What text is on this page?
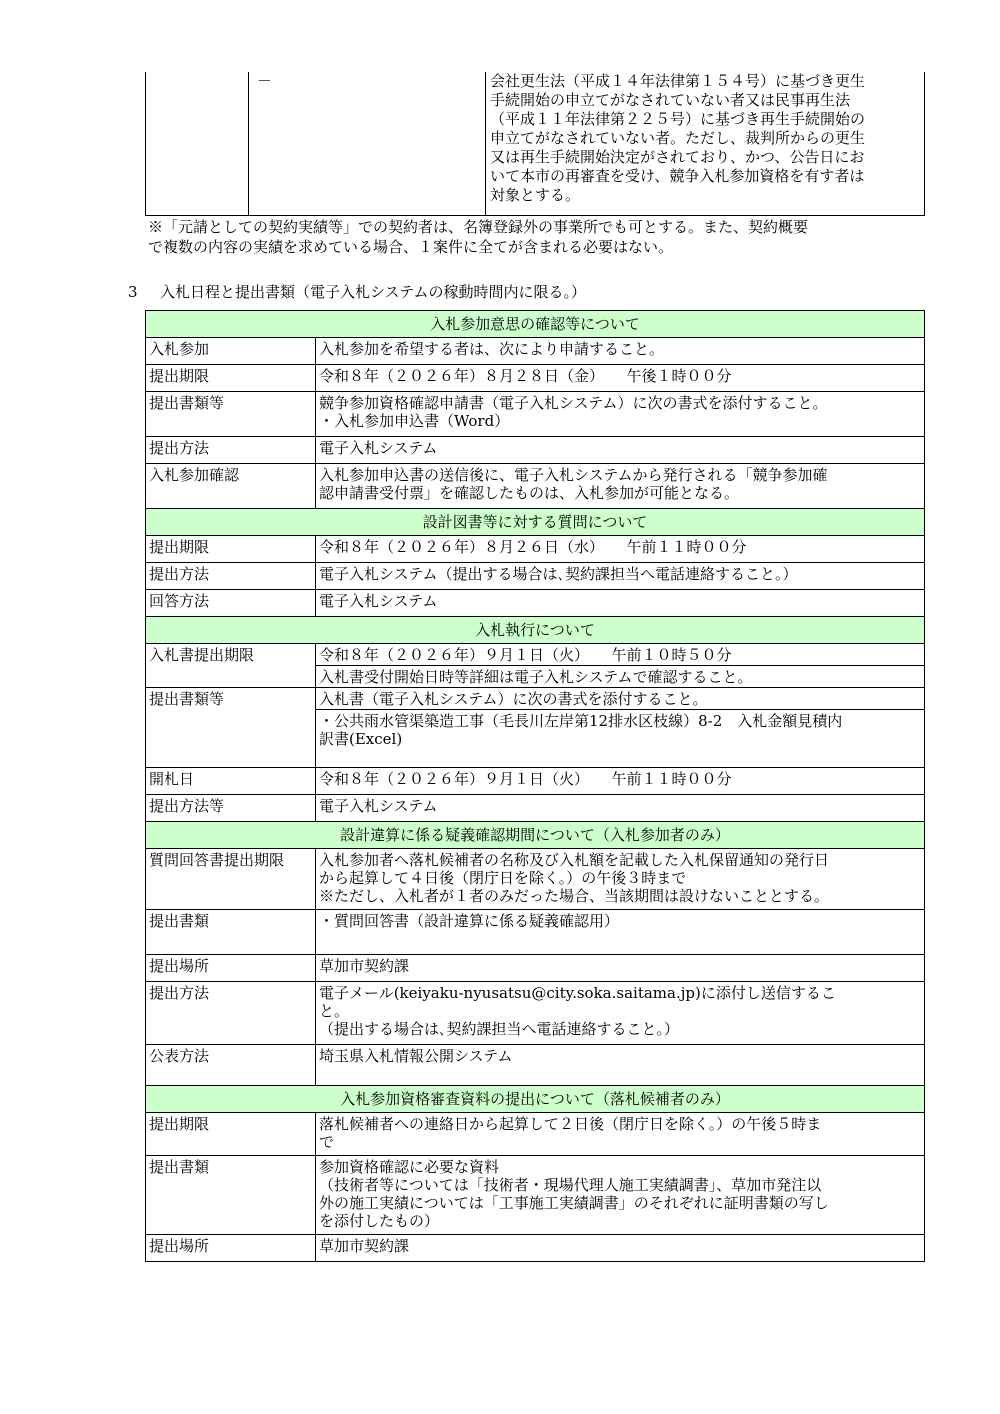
	－	会社更生法（平成１４年法律第１５４号）に基づき更生
手続開始の申立てがなされていない者又は民事再生法
（平成１１年法律第２２５号）に基づき再生手続開始の
申立てがなされていない者。ただし、裁判所からの更生
又は再生手続開始決定がされており、かつ、公告日にお
いて本市の再審査を受け、競争入札参加資格を有す者は
対象とする。
※「元請としての契約実績等」での契約者は、名簿登録外の事業所でも可とする。また、契約概要
で複数の内容の実績を求めている場合、１案件に全てが含まれる必要はない。
3 入札日程と提出書類（電子入札システムの稼動時間内に限る。）
入札参加意思の確認等について	
入札参加	入札参加を希望する者は、次により申請すること。
提出期限	令和８年（２０２６年）８月２８日（金）　　午後１時００分
提出書類等	競争参加資格確認申請書（電子入札システム）に次の書式を添付すること。
・入札参加申込書（Word）

提出方法	電子入札システム
入札参加確認	入札参加申込書の送信後に、電子入札システムから発行される「競争参加確
認申請書受付票」を確認したものは、入札参加が可能となる。

設計図書等に対する質問について	
提出期限	令和８年（２０２６年）８月２６日（水）　　午前１１時００分
提出方法	電子入札システム（提出する場合は､契約課担当へ電話連絡すること。）
回答方法	電子入札システム
入札執行について	
入札書提出期限	令和８年（２０２６年）９月１日（火）　　午前１０時５０分
	入札書受付開始日時等詳細は電子入札システムで確認すること。
提出書類等	入札書（電子入札システム）に次の書式を添付すること。

	・公共雨水管渠築造工事（毛長川左岸第12排水区枝線）8-2　入札金額見積内
訳書(Excel)

開札日	令和８年（２０２６年）９月１日（火）　　午前１１時００分
提出方法等	電子入札システム
設計違算に係る疑義確認期間について（入札参加者のみ）	
質問回答書提出期限	入札参加者へ落札候補者の名称及び入札額を記載した入札保留通知の発行日
から起算して４日後（閉庁日を除く。）の午後３時まで
※ただし、入札者が１者のみだった場合、当該期間は設けないこととする。

提出書類	・質問回答書（設計違算に係る疑義確認用）
提出場所	草加市契約課
提出方法	電子メール(keiyaku-nyusatsu@city.soka.saitama.jp)に添付し送信するこ
と。
（提出する場合は､契約課担当へ電話連絡すること。）

公表方法	埼玉県入札情報公開システム
入札参加資格審査資料の提出について（落札候補者のみ）	
提出期限	落札候補者への連絡日から起算して２日後（閉庁日を除く。）の午後５時ま
で

提出書類	参加資格確認に必要な資料
（技術者等については「技術者・現場代理人施工実績調書」、草加市発注以
外の施工実績については「工事施工実績調書」のそれぞれに証明書類の写し
を添付したもの）

提出場所	草加市契約課
